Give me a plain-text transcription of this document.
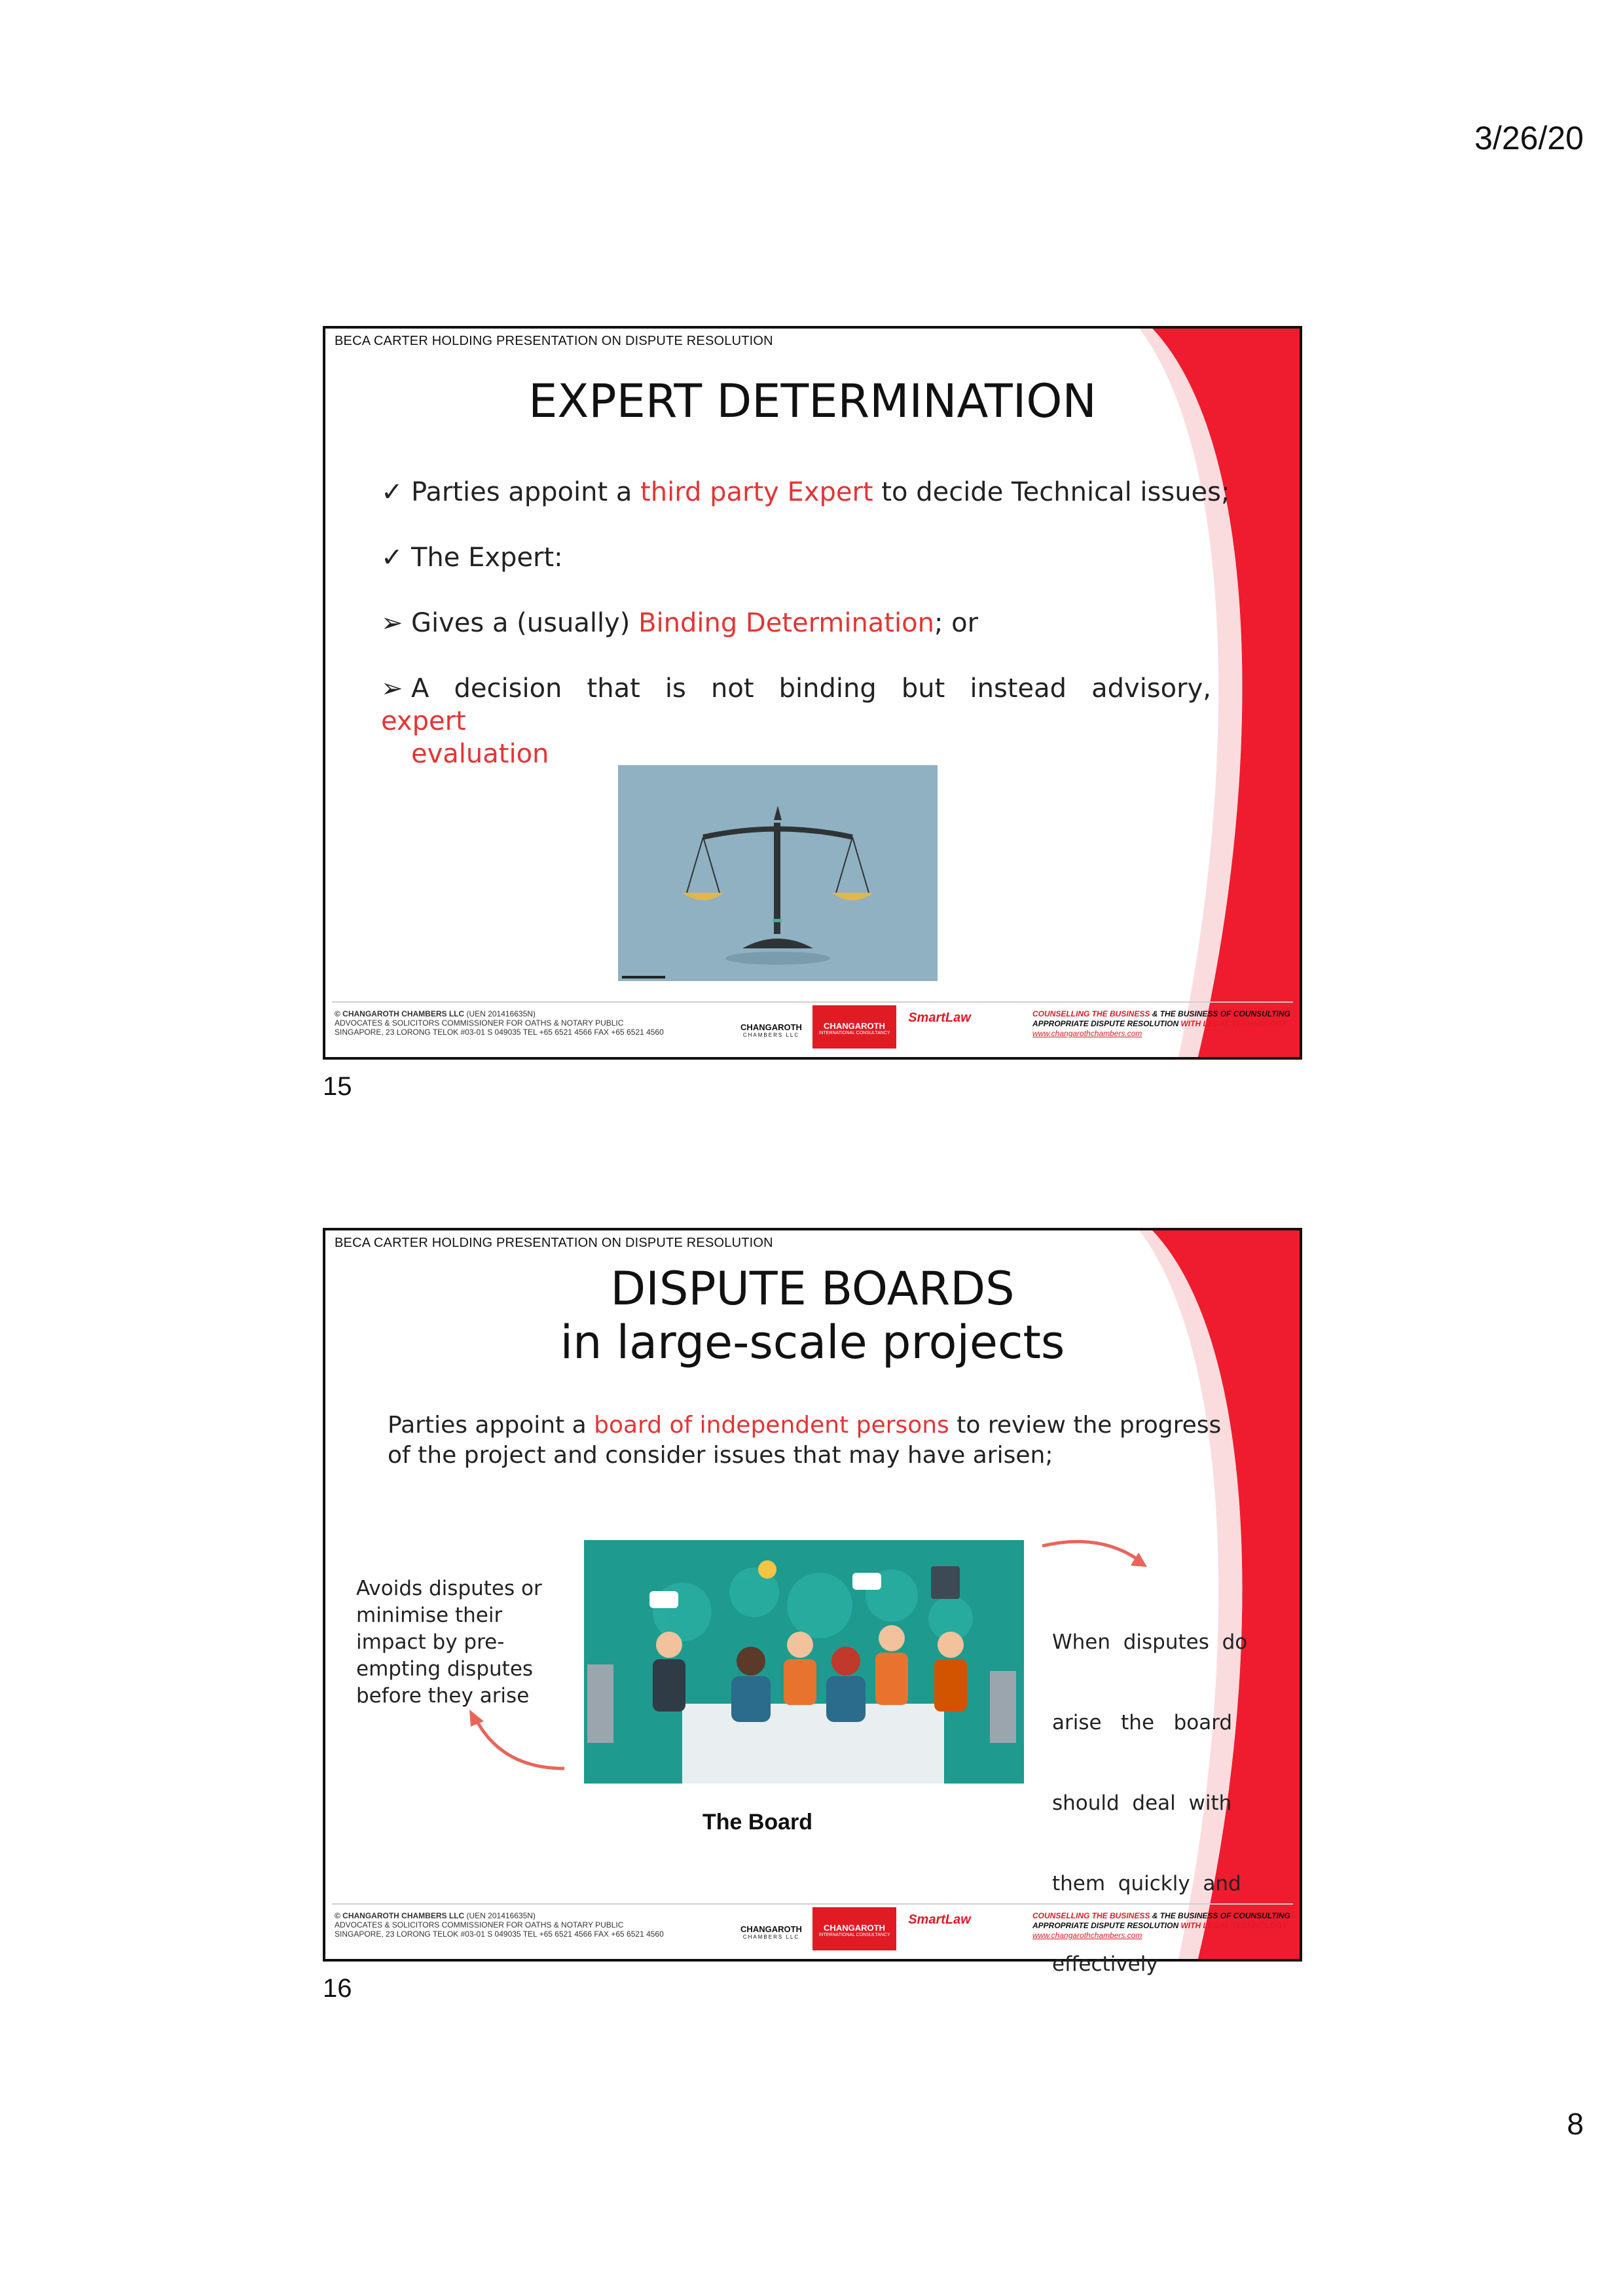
3/26/20
BECA CARTER HOLDING PRESENTATION ON DISPUTE RESOLUTION
EXPERT DETERMINATION
✓ Parties appoint a third party Expert to decide Technical issues;
✓ The Expert:
➢ Gives a (usually) Binding Determination; or
➢ A   decision   that   is   not   binding   but   instead   advisory, expert
evaluation
© CHANGAROTH CHAMBERS LLC (UEN 201416635N)
ADVOCATES & SOLICITORS COMMISSIONER FOR OATHS & NOTARY PUBLIC
SINGAPORE, 23 LORONG TELOK #03-01 S 049035 TEL +65 6521 4566 FAX +65 6521 4560	CHANGAROTH
CHAMBERS LLC
CHANGAROTH
INTERNATIONAL CONSULTANCY
SmartLaw	COUNSELLING THE BUSINESS & THE BUSINESS OF COUNSULTING
APPROPRIATE DISPUTE RESOLUTION WITH LEGAL TECHNOLOGY
www.changarothchambers.com
15
BECA CARTER HOLDING PRESENTATION ON DISPUTE RESOLUTION
DISPUTE BOARDS
in large-scale projects
Parties appoint a board of independent persons to review the progress
of the project and consider issues that may have arisen;
Avoids disputes or
minimise their
impact by pre-
empting disputes
before they arise

When  disputes  do

arise   the   board

should  deal  with

them  quickly  and

effectively

The Board
© CHANGAROTH CHAMBERS LLC (UEN 201416635N)
ADVOCATES & SOLICITORS COMMISSIONER FOR OATHS & NOTARY PUBLIC
SINGAPORE, 23 LORONG TELOK #03-01 S 049035 TEL +65 6521 4566 FAX +65 6521 4560	CHANGAROTH
CHAMBERS LLC
CHANGAROTH
INTERNATIONAL CONSULTANCY
SmartLaw	COUNSELLING THE BUSINESS & THE BUSINESS OF COUNSULTING
APPROPRIATE DISPUTE RESOLUTION WITH LEGAL TECHNOLOGY
www.changarothchambers.com
16
8
